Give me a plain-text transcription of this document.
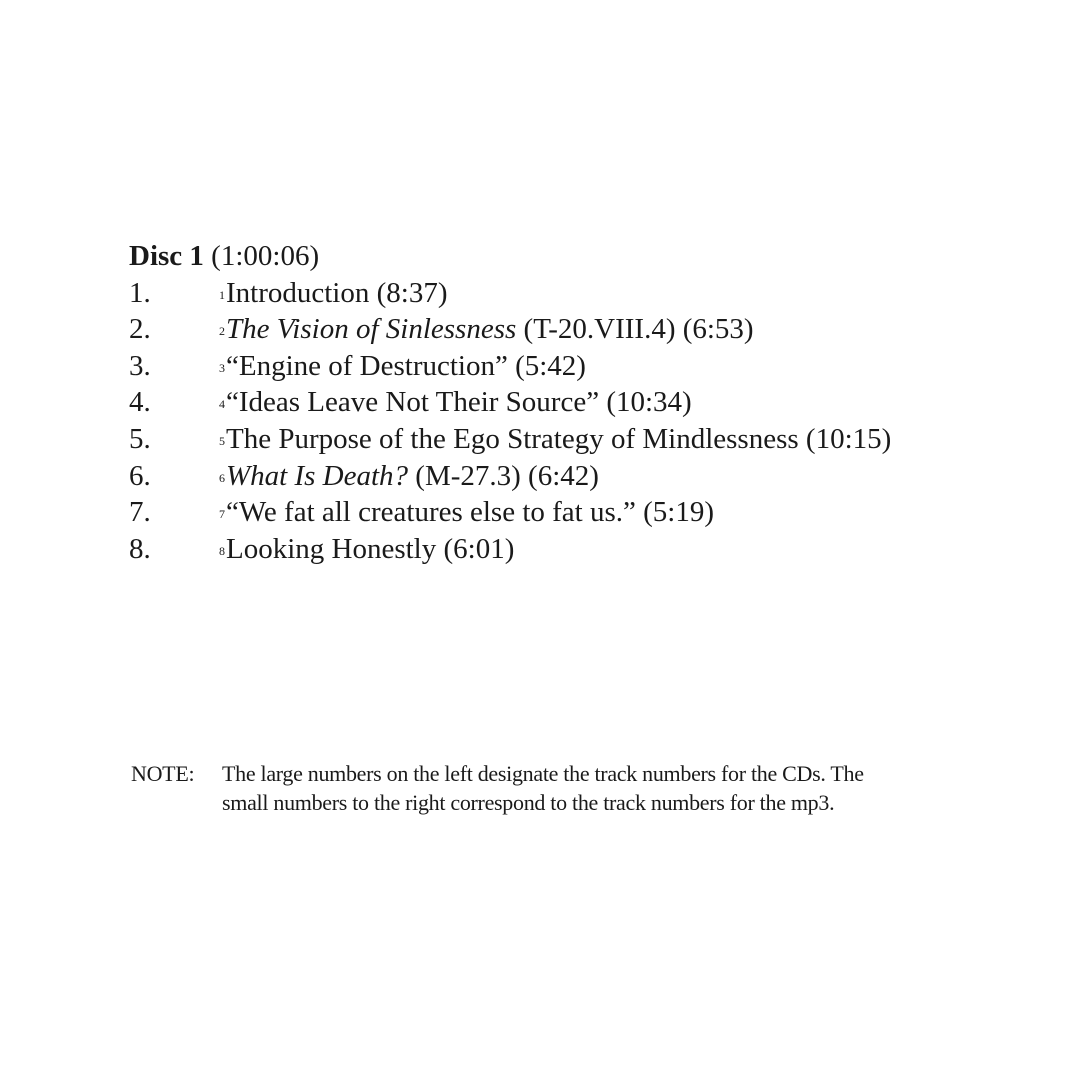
Disc 1 (1:00:06)
1.	$^1$Introduction (8:37)
2.	$^2$The Vision of Sinlessness (T-20.VIII.4) (6:53)
3.	$^3$“Engine of Destruction” (5:42)
4.	$^4$“Ideas Leave Not Their Source” (10:34)
5.	$^5$The Purpose of the Ego Strategy of Mindlessness (10:15)
6.	$^6$What Is Death? (M-27.3) (6:42)
7.	$^7$“We fat all creatures else to fat us.” (5:19)
8.	$^8$Looking Honestly (6:01)
NOTE: The large numbers on the left designate the track numbers for the CDs. The
small numbers to the right correspond to the track numbers for the mp3.
